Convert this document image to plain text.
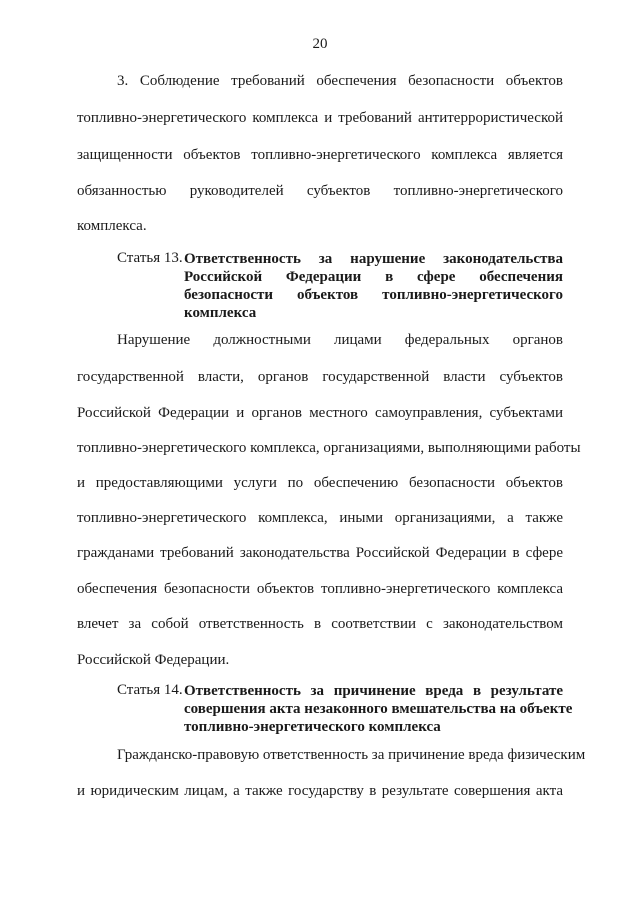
20
3. Соблюдение требований обеспечения безопасности объектов
топливно-энергетического комплекса и требований антитеррористической
защищенности объектов топливно-энергетического комплекса является
обязанностью руководителей субъектов топливно-энергетического
комплекса.
Статья 13. Ответственность за нарушение законодательства
Российской Федерации в сфере обеспечения
безопасности объектов топливно-энергетического
комплекса
Нарушение должностными лицами федеральных органов
государственной власти, органов государственной власти субъектов
Российской Федерации и органов местного самоуправления, субъектами
топливно-энергетического комплекса, организациями, выполняющими работы
и предоставляющими услуги по обеспечению безопасности объектов
топливно-энергетического комплекса, иными организациями, а также
гражданами требований законодательства Российской Федерации в сфере
обеспечения безопасности объектов топливно-энергетического комплекса
влечет за собой ответственность в соответствии с законодательством
Российской Федерации.
Статья 14. Ответственность за причинение вреда в результате
совершения акта незаконного вмешательства на объекте
топливно-энергетического комплекса
Гражданско-правовую ответственность за причинение вреда физическим
и юридическим лицам, а также государству в результате совершения акта
